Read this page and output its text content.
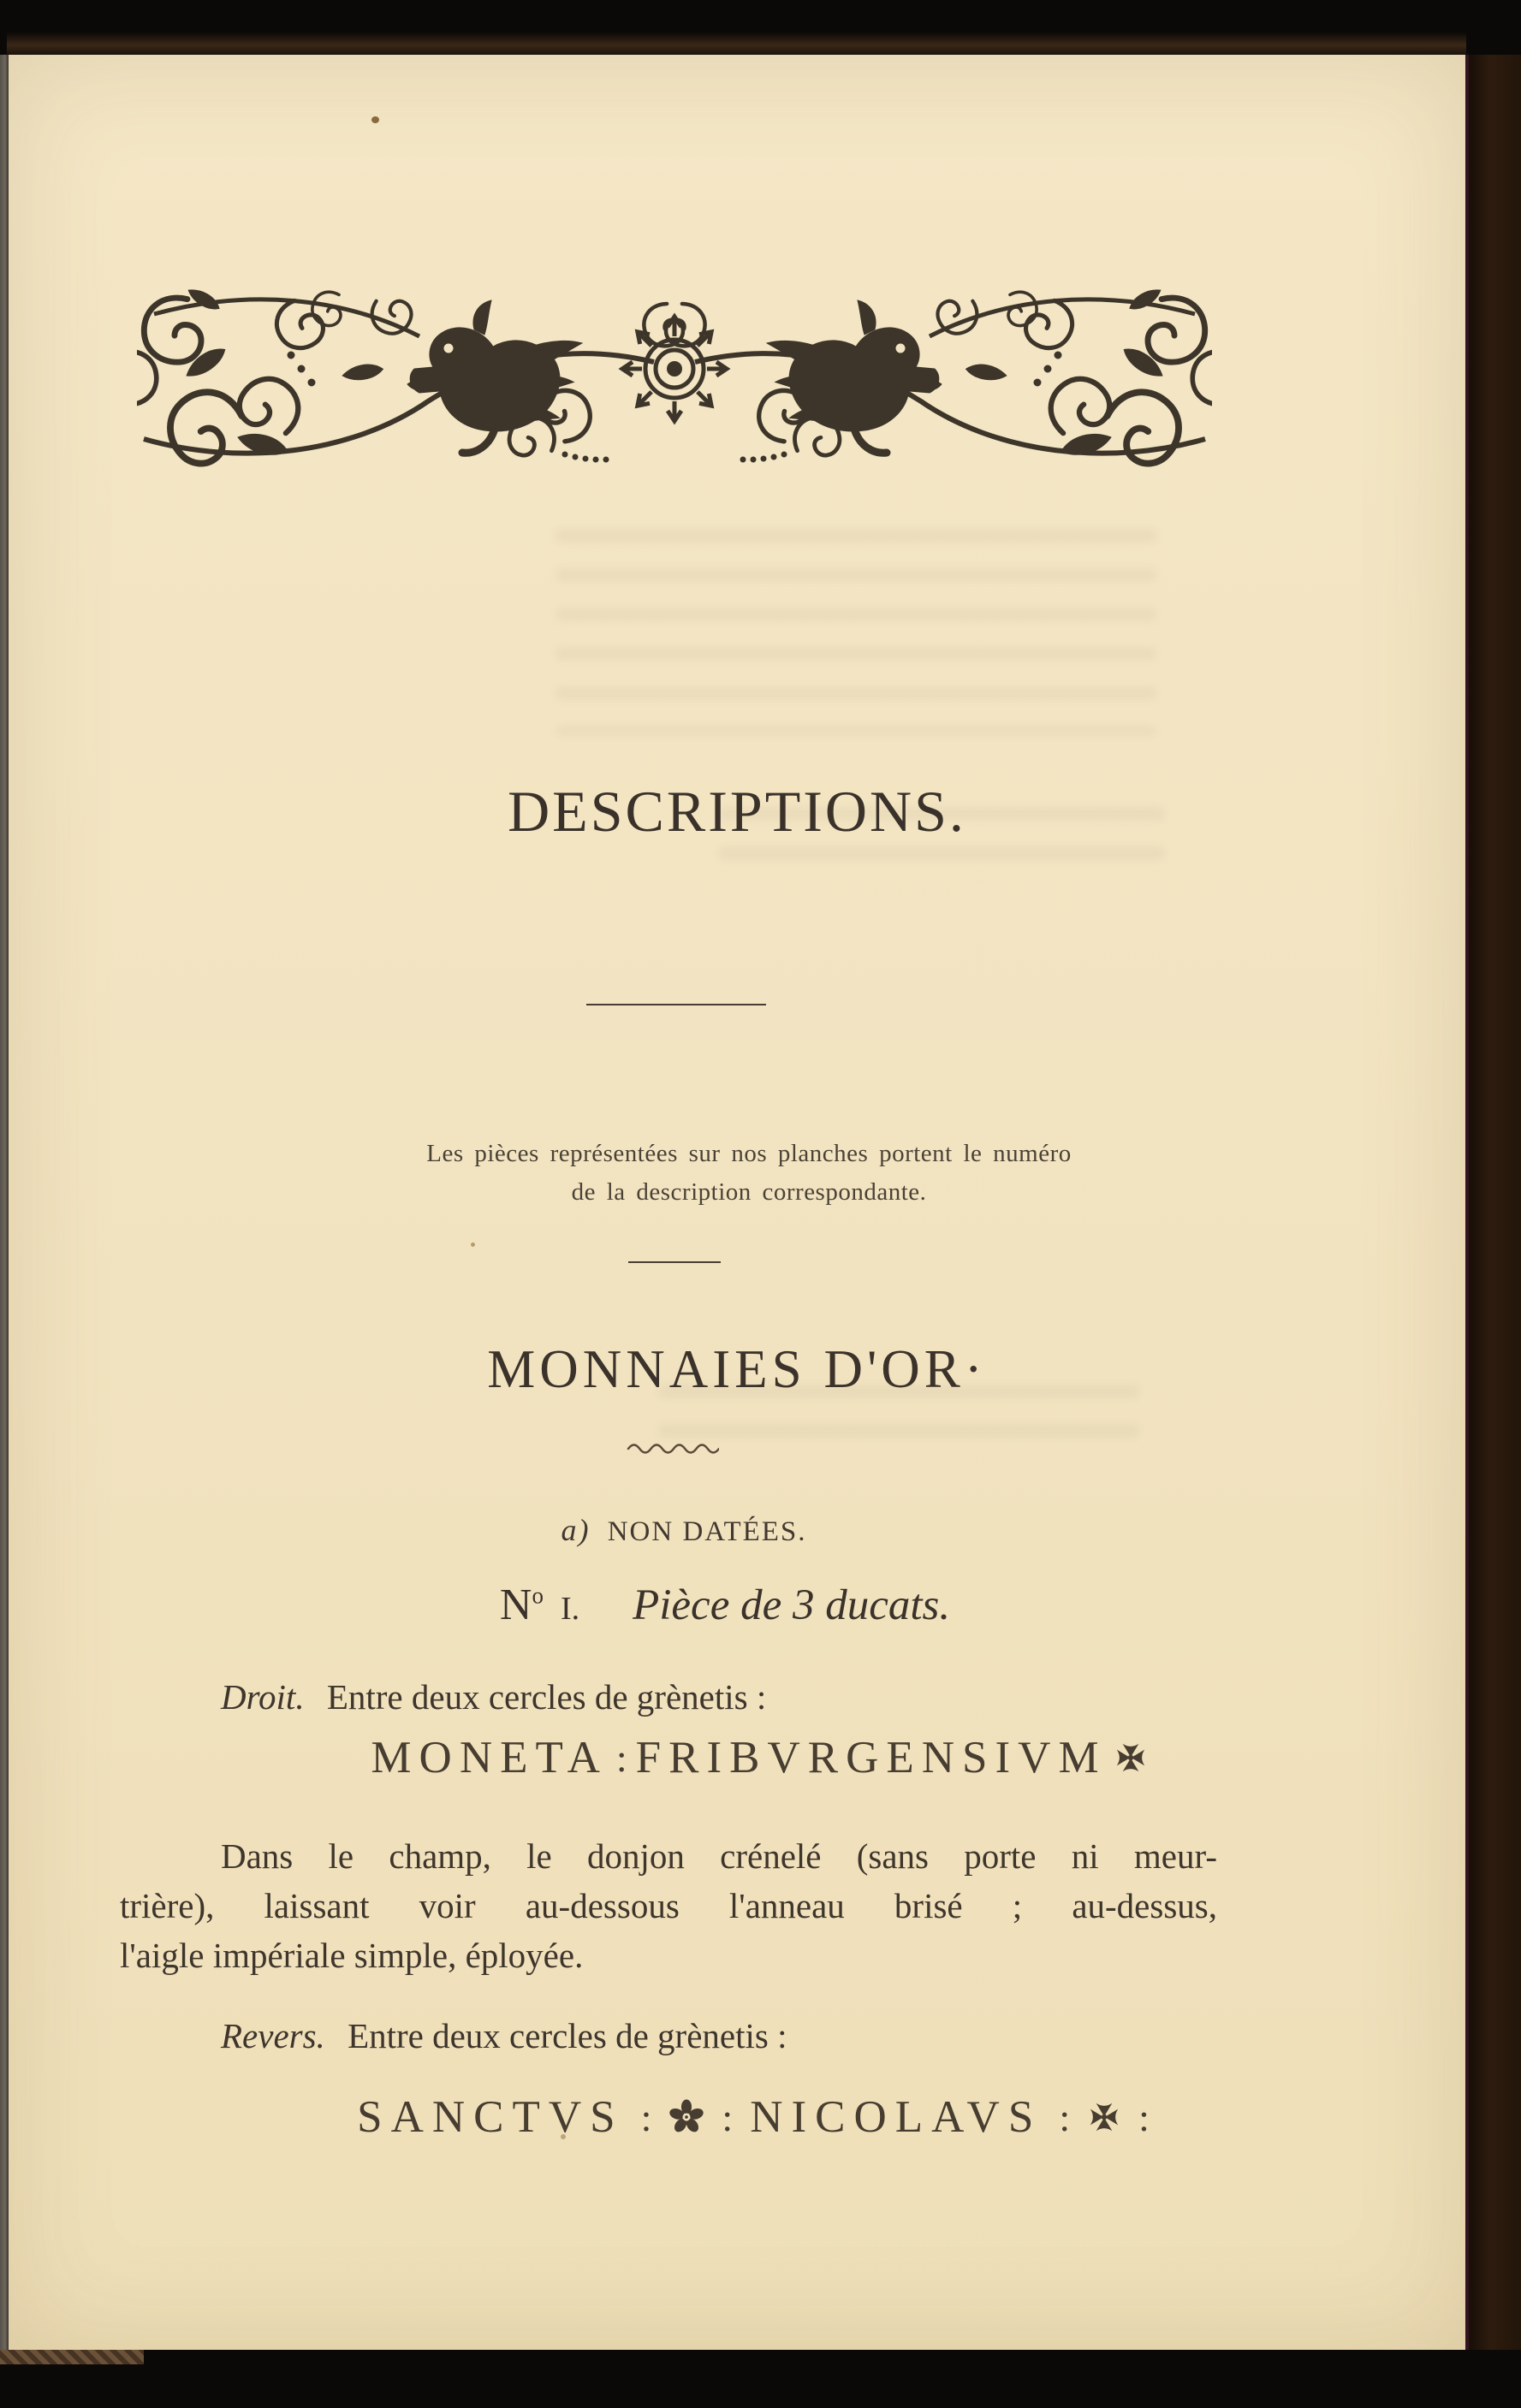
DESCRIPTIONS.

Les pièces représentées sur nos planches portent le numéro
de la description correspondante.

MONNAIES D'OR·
a) NON DATÉES.
$N^o$ I. Pièce de 3 ducats.

Droit. Entre deux cercles de grènetis :

MONETA : FRIBVRGENSIVM
Dans le champ, le donjon crénelé (sans porte ni meur-
trière), laissant voir au-dessous l'anneau brisé ; au-dessus,
l'aigle impériale simple, éployée.

Revers. Entre deux cercles de grènetis :

SANCTVS : : NICOLAVS : :
